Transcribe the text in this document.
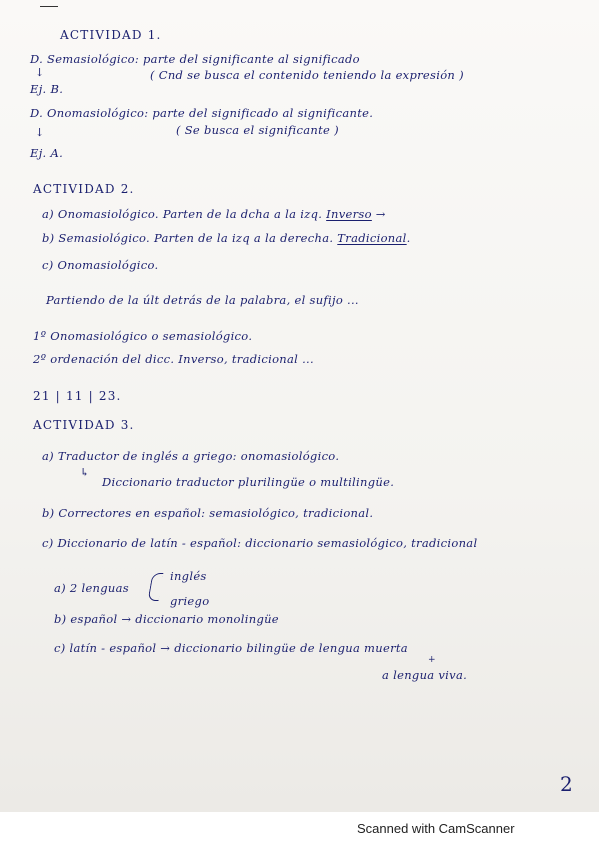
ACTIVIDAD 1.
D. Semasiológico: parte del significante al significado
↓	( Cnd se busca el contenido teniendo la expresión )
Ej. B.
D. Onomasiológico: parte del significado al significante.
( Se busca el significante )
↓
Ej. A.
ACTIVIDAD 2.
a) Onomasiológico. Parten de la dcha a la izq. Inverso →
b) Semasiológico. Parten de la izq a la derecha. Tradicional.
c) Onomasiológico.
Partiendo de la últ detrás de la palabra, el sufijo ...
1º Onomasiológico o semasiológico.
2º ordenación del dicc. Inverso, tradicional ...
21 | 11 | 23.
ACTIVIDAD 3.
a) Traductor de inglés a griego: onomasiológico.
↳
Diccionario traductor plurilingüe o multilingüe.
b) Correctores en español: semasiológico, tradicional.
c) Diccionario de latín - español: diccionario semasiológico, tradicional
a) 2 lenguas
inglés
griego
b) español → diccionario monolingüe
c) latín - español → diccionario bilingüe de lengua muerta
+
a lengua viva.
2
Scanned with CamScanner
